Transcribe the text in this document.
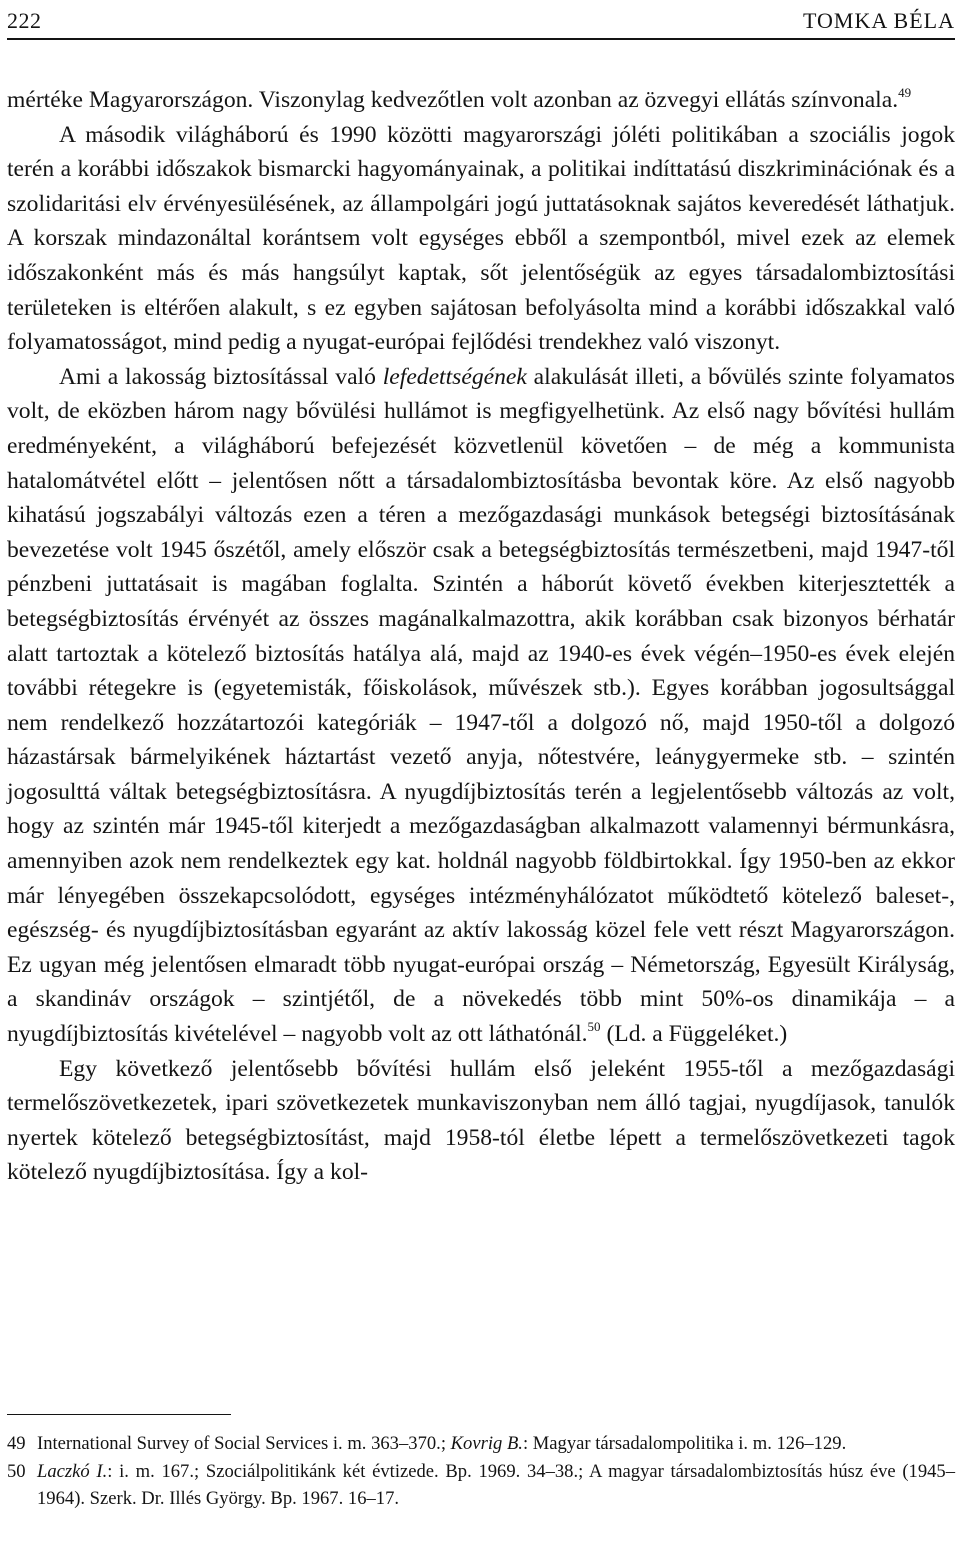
222	TOMKA BÉLA

mértéke Magyarországon. Viszonylag kedvezőtlen volt azonban az özvegyi ellátás színvonala.$^{49}$

A második világháború és 1990 közötti magyarországi jóléti politikában a szociális jogok terén a korábbi időszakok bismarcki hagyományainak, a politikai indíttatású diszkriminációnak és a szolidaritási elv érvényesülésének, az állampolgári jogú juttatásoknak sajátos keveredését láthatjuk. A korszak mindazonáltal korántsem volt egységes ebből a szempontból, mivel ezek az elemek időszakonként más és más hangsúlyt kaptak, sőt jelentőségük az egyes társadalombiztosítási területeken is eltérően alakult, s ez egyben sajátosan befolyásolta mind a korábbi időszakkal való folyamatosságot, mind pedig a nyugat-európai fejlődési trendekhez való viszonyt.

Ami a lakosság biztosítással való lefedettségének alakulását illeti, a bővülés szinte folyamatos volt, de eközben három nagy bővülési hullámot is megfigyelhetünk. Az első nagy bővítési hullám eredményeként, a világháború befejezését közvetlenül követően – de még a kommunista hatalomátvétel előtt – jelentősen nőtt a társadalombiztosításba bevontak köre. Az első nagyobb kihatású jogszabályi változás ezen a téren a mezőgazdasági munkások betegségi biztosításának bevezetése volt 1945 őszétől, amely először csak a betegségbiztosítás természetbeni, majd 1947-től pénzbeni juttatásait is magában foglalta. Szintén a háborút követő években kiterjesztették a betegségbiztosítás érvényét az összes magánalkalmazottra, akik korábban csak bizonyos bérhatár alatt tartoztak a kötelező biztosítás hatálya alá, majd az 1940-es évek végén–1950-es évek elején további rétegekre is (egyetemisták, főiskolások, művészek stb.). Egyes korábban jogosultsággal nem rendelkező hozzátartozói kategóriák – 1947-től a dolgozó nő, majd 1950-től a dolgozó házastársak bármelyikének háztartást vezető anyja, nőtestvére, leánygyermeke stb. – szintén jogosulttá váltak betegségbiztosításra. A nyugdíjbiztosítás terén a legjelentősebb változás az volt, hogy az szintén már 1945-től kiterjedt a mezőgazdaságban alkalmazott valamennyi bérmunkásra, amennyiben azok nem rendelkeztek egy kat. holdnál nagyobb földbirtokkal. Így 1950-ben az ekkor már lényegében összekapcsolódott, egységes intézményhálózatot működtető kötelező baleset-, egészség- és nyugdíjbiztosításban egyaránt az aktív lakosság közel fele vett részt Magyarországon. Ez ugyan még jelentősen elmaradt több nyugat-európai ország – Németország, Egyesült Királyság, a skandináv országok – szintjétől, de a növekedés több mint 50%-os dinamikája – a nyugdíjbiztosítás kivételével – nagyobb volt az ott láthatónál.$^{50}$ (Ld. a Függeléket.)

Egy következő jelentősebb bővítési hullám első jeleként 1955-től a mezőgazdasági termelőszövetkezetek, ipari szövetkezetek munkaviszonyban nem álló tagjai, nyugdíjasok, tanulók nyertek kötelező betegségbiztosítást, majd 1958-tól életbe lépett a termelőszövetkezeti tagok kötelező nyugdíjbiztosítása. Így a kol-

49 International Survey of Social Services i. m. 363–370.; Kovrig B.: Magyar társadalompolitika i. m. 126–129.
50 Laczkó I.: i. m. 167.; Szociálpolitikánk két évtizede. Bp. 1969. 34–38.; A magyar társadalombiztosítás húsz éve (1945–1964). Szerk. Dr. Illés György. Bp. 1967. 16–17.
